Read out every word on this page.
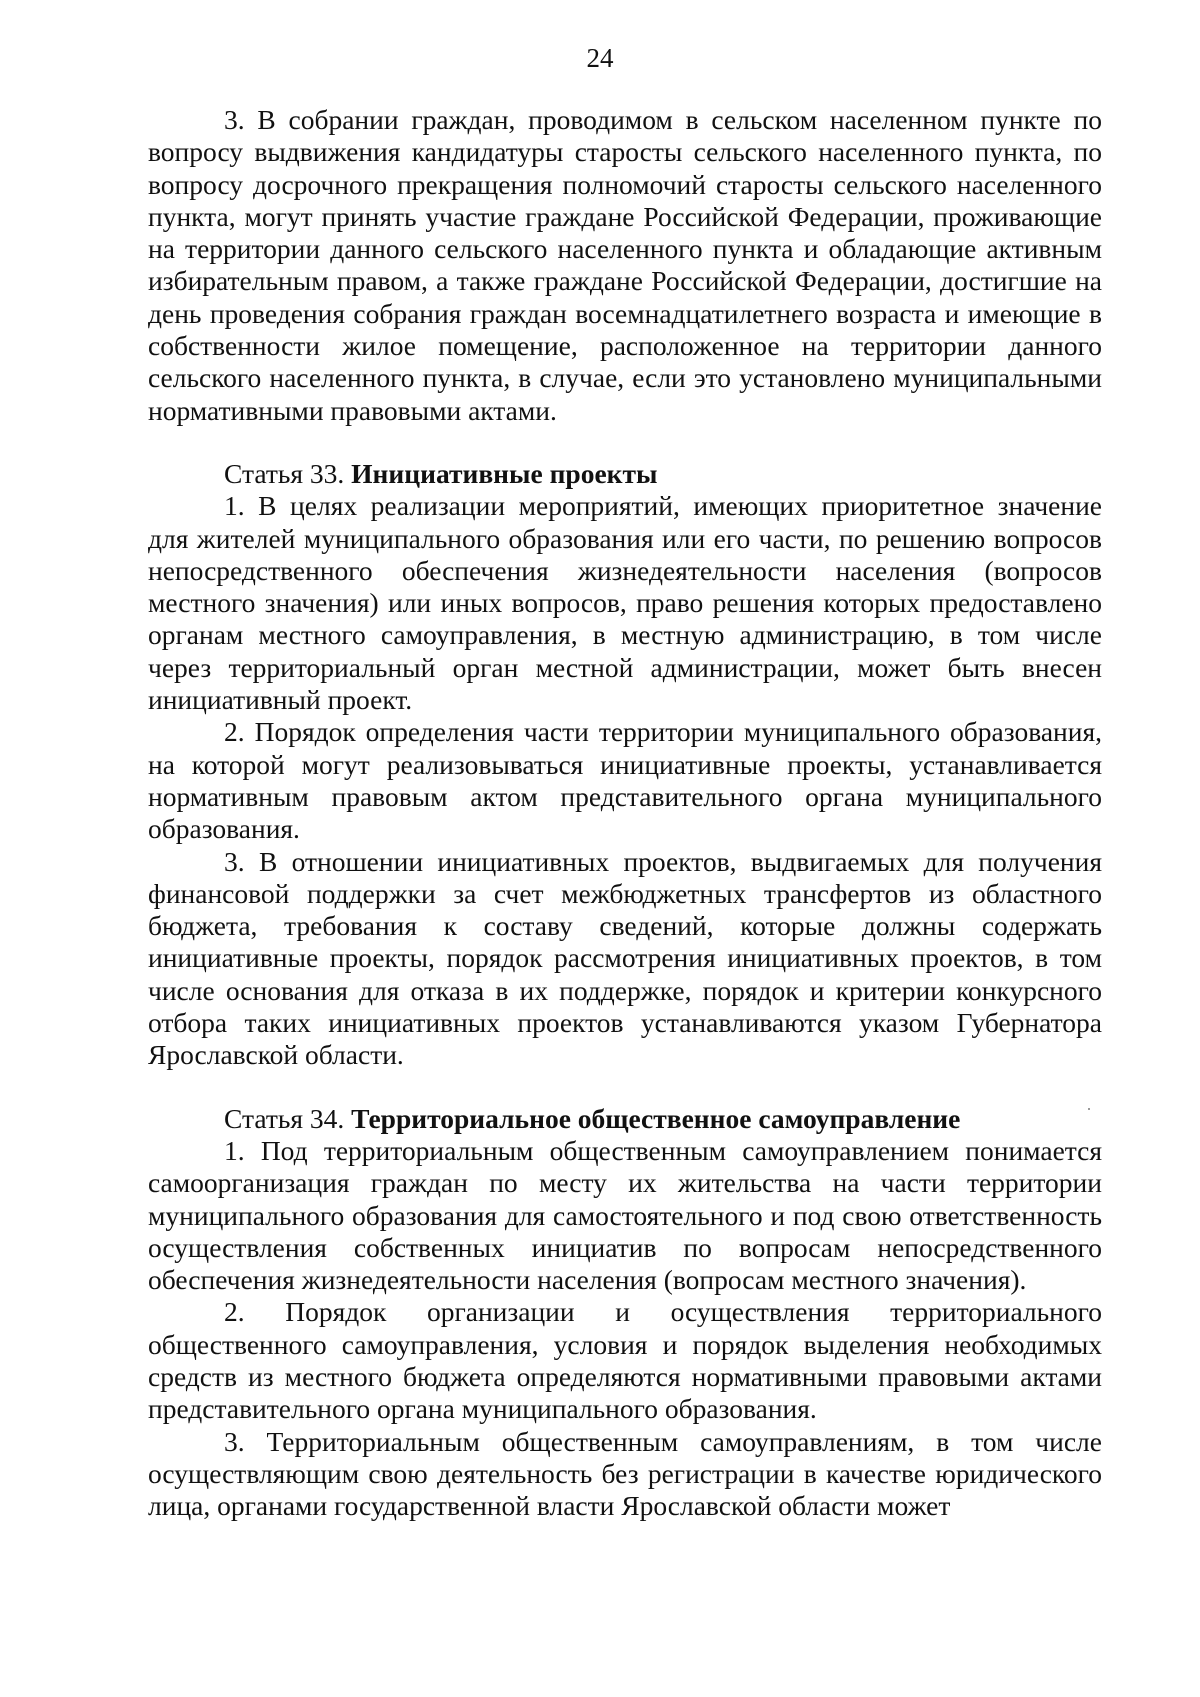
24

3. В собрании граждан, проводимом в сельском населенном пункте по вопросу выдвижения кандидатуры старосты сельского населенного пункта, по вопросу досрочного прекращения полномочий старосты сельского населенного пункта, могут принять участие граждане Российской Федерации, проживающие на территории данного сельского населенного пункта и обладающие активным избирательным правом, а также граждане Российской Федерации, достигшие на день проведения собрания граждан восемнадцатилетнего возраста и имеющие в собственности жилое помещение, расположенное на территории данного сельского населенного пункта, в случае, если это установлено муниципальными нормативными правовыми актами.

Статья 33. Инициативные проекты

1. В целях реализации мероприятий, имеющих приоритетное значение для жителей муниципального образования или его части, по решению вопросов непосредственного обеспечения жизнедеятельности населения (вопросов местного значения) или иных вопросов, право решения которых предоставлено органам местного самоуправления, в местную администрацию, в том числе через территориальный орган местной администрации, может быть внесен инициативный проект.

2. Порядок определения части территории муниципального образования, на которой могут реализовываться инициативные проекты, устанавливается нормативным правовым актом представительного органа муниципального образования.

3. В отношении инициативных проектов, выдвигаемых для получения финансовой поддержки за счет межбюджетных трансфертов из областного бюджета, требования к составу сведений, которые должны содержать инициативные проекты, порядок рассмотрения инициативных проектов, в том числе основания для отказа в их поддержке, порядок и критерии конкурсного отбора таких инициативных проектов устанавливаются указом Губернатора Ярославской области.

Статья 34. Территориальное общественное самоуправление

1. Под территориальным общественным самоуправлением понимается самоорганизация граждан по месту их жительства на части территории муниципального образования для самостоятельного и под свою ответственность осуществления собственных инициатив по вопросам непосредственного обеспечения жизнедеятельности населения (вопросам местного значения).

2. Порядок организации и осуществления территориального общественного самоуправления, условия и порядок выделения необходимых средств из местного бюджета определяются нормативными правовыми актами представительного органа муниципального образования.

3. Территориальным общественным самоуправлениям, в том числе осуществляющим свою деятельность без регистрации в качестве юридического лица, органами государственной власти Ярославской области может
